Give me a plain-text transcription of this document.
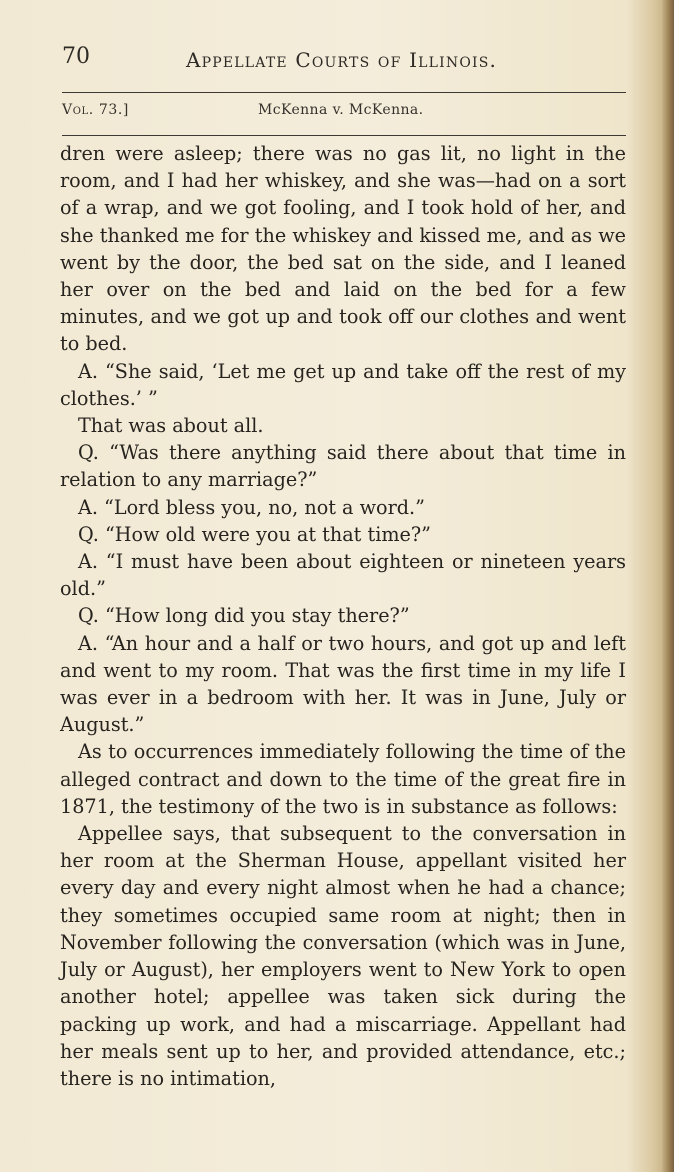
70	Appellate Courts of Illinois.
Vol. 73.]	McKenna v. McKenna.

dren were asleep; there was no gas lit, no light in the room, and I had her whiskey, and she was—had on a sort of a wrap, and we got fooling, and I took hold of her, and she thanked me for the whiskey and kissed me, and as we went by the door, the bed sat on the side, and I leaned her over on the bed and laid on the bed for a few minutes, and we got up and took off our clothes and went to bed.

A. “She said, ‘Let me get up and take off the rest of my clothes.’ ”

That was about all.

Q. “Was there anything said there about that time in relation to any marriage?”

A. “Lord bless you, no, not a word.”

Q. “How old were you at that time?”

A. “I must have been about eighteen or nineteen years old.”

Q. “How long did you stay there?”

A. “An hour and a half or two hours, and got up and left and went to my room. That was the first time in my life I was ever in a bedroom with her. It was in June, July or August.”

As to occurrences immediately following the time of the alleged contract and down to the time of the great fire in 1871, the testimony of the two is in substance as follows:

Appellee says, that subsequent to the conversation in her room at the Sherman House, appellant visited her every day and every night almost when he had a chance; they sometimes occupied same room at night; then in November following the conversation (which was in June, July or August), her employers went to New York to open another hotel; appellee was taken sick during the packing up work, and had a miscarriage. Appellant had her meals sent up to her, and provided attendance, etc.; there is no intimation,
